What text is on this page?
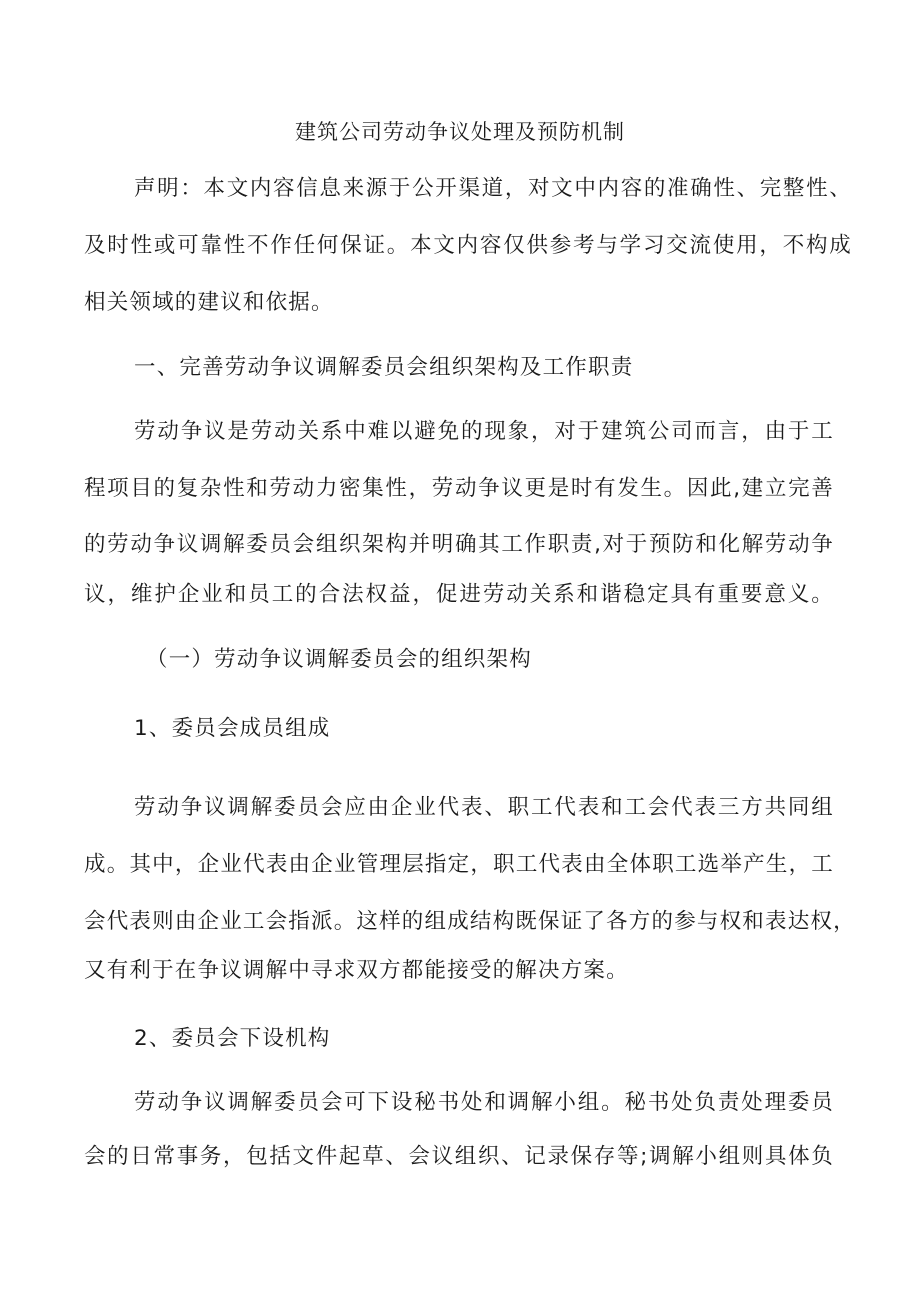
建筑公司劳动争议处理及预防机制
声明：本文内容信息来源于公开渠道，对文中内容的准确性、完整性、
及时性或可靠性不作任何保证。本文内容仅供参考与学习交流使用，不构成
相关领域的建议和依据。
一、完善劳动争议调解委员会组织架构及工作职责
劳动争议是劳动关系中难以避免的现象，对于建筑公司而言，由于工
程项目的复杂性和劳动力密集性，劳动争议更是时有发生。因此,建立完善
的劳动争议调解委员会组织架构并明确其工作职责,对于预防和化解劳动争
议，维护企业和员工的合法权益，促进劳动关系和谐稳定具有重要意义。
（一）劳动争议调解委员会的组织架构
1、委员会成员组成
劳动争议调解委员会应由企业代表、职工代表和工会代表三方共同组
成。其中，企业代表由企业管理层指定，职工代表由全体职工选举产生，工
会代表则由企业工会指派。这样的组成结构既保证了各方的参与权和表达权，
又有利于在争议调解中寻求双方都能接受的解决方案。
2、委员会下设机构
劳动争议调解委员会可下设秘书处和调解小组。秘书处负责处理委员
会的日常事务，包括文件起草、会议组织、记录保存等;调解小组则具体负
